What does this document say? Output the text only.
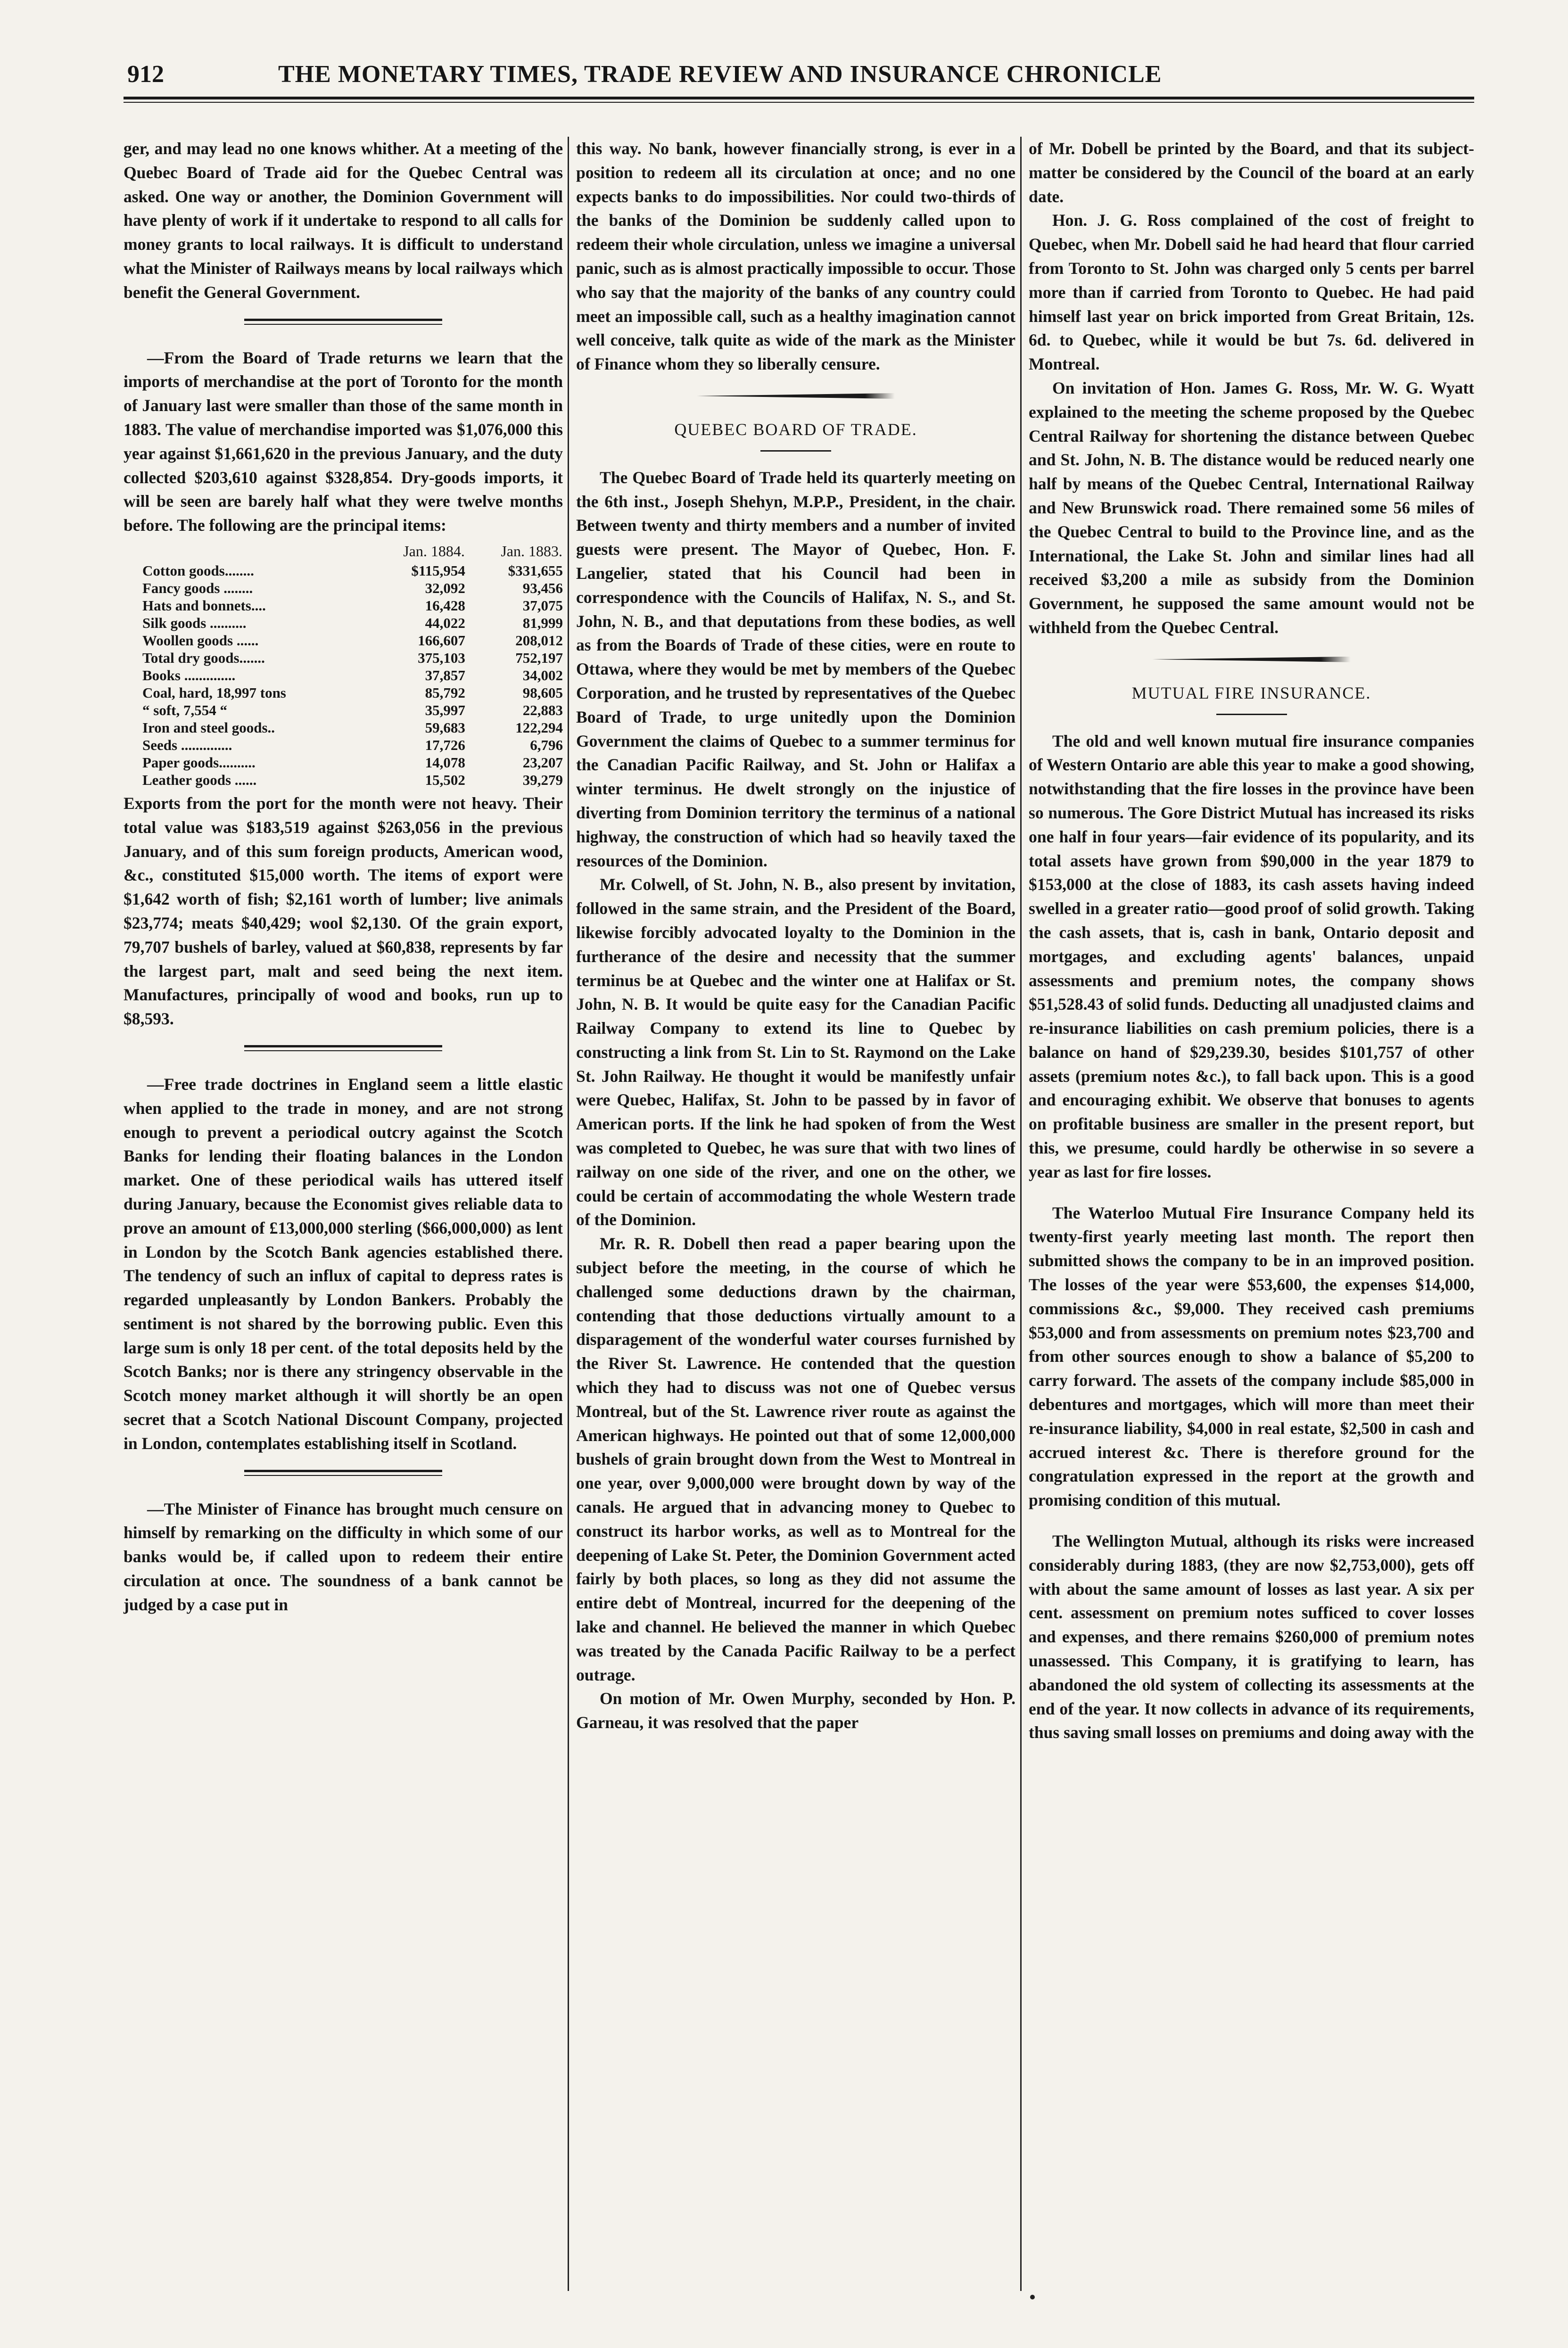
912	THE MONETARY TIMES, TRADE REVIEW AND INSURANCE CHRONICLE

ger, and may lead no one knows whither. At a meeting of the Quebec Board of Trade aid for the Quebec Central was asked. One way or another, the Dominion Government will have plenty of work if it undertake to respond to all calls for money grants to local railways. It is difficult to understand what the Minister of Railways means by local railways which benefit the General Government.

—From the Board of Trade returns we learn that the imports of merchandise at the port of Toronto for the month of January last were smaller than those of the same month in 1883. The value of merchandise imported was $1,076,000 this year against $1,661,620 in the previous January, and the duty collected $203,610 against $328,854. Dry-goods imports, it will be seen are barely half what they were twelve months before. The following are the principal items:

	Jan. 1884.	Jan. 1883.
Cotton goods........	$115,954	$331,655
Fancy goods ........	32,092	93,456
Hats and bonnets....	16,428	37,075
Silk goods ..........	44,022	81,999
Woollen goods ......	166,607	208,012
Total dry goods.......	375,103	752,197
Books ..............	37,857	34,002
Coal, hard, 18,997 tons	85,792	98,605
“ soft, 7,554 “	35,997	22,883
Iron and steel goods..	59,683	122,294
Seeds ..............	17,726	6,796
Paper goods..........	14,078	23,207
Leather goods ......	15,502	39,279

Exports from the port for the month were not heavy. Their total value was $183,519 against $263,056 in the previous January, and of this sum foreign products, American wood, &c., constituted $15,000 worth. The items of export were $1,642 worth of fish; $2,161 worth of lumber; live animals $23,774; meats $40,429; wool $2,130. Of the grain export, 79,707 bushels of barley, valued at $60,838, represents by far the largest part, malt and seed being the next item. Manufactures, principally of wood and books, run up to $8,593.

—Free trade doctrines in England seem a little elastic when applied to the trade in money, and are not strong enough to prevent a periodical outcry against the Scotch Banks for lending their floating balances in the London market. One of these periodical wails has uttered itself during January, because the Economist gives reliable data to prove an amount of £13,000,000 sterling ($66,000,000) as lent in London by the Scotch Bank agencies established there. The tendency of such an influx of capital to depress rates is regarded unpleasantly by London Bankers. Probably the sentiment is not shared by the borrowing public. Even this large sum is only 18 per cent. of the total deposits held by the Scotch Banks; nor is there any stringency observable in the Scotch money market although it will shortly be an open secret that a Scotch National Discount Company, projected in London, contemplates establishing itself in Scotland.

—The Minister of Finance has brought much censure on himself by remarking on the difficulty in which some of our banks would be, if called upon to redeem their entire circulation at once. The soundness of a bank cannot be judged by a case put in

this way. No bank, however financially strong, is ever in a position to redeem all its circulation at once; and no one expects banks to do impossibilities. Nor could two-thirds of the banks of the Dominion be suddenly called upon to redeem their whole circulation, unless we imagine a universal panic, such as is almost practically impossible to occur. Those who say that the majority of the banks of any country could meet an impossible call, such as a healthy imagination cannot well conceive, talk quite as wide of the mark as the Minister of Finance whom they so liberally censure.

QUEBEC BOARD OF TRADE.

The Quebec Board of Trade held its quarterly meeting on the 6th inst., Joseph Shehyn, M.P.P., President, in the chair. Between twenty and thirty members and a number of invited guests were present. The Mayor of Quebec, Hon. F. Langelier, stated that his Council had been in correspondence with the Councils of Halifax, N. S., and St. John, N. B., and that deputations from these bodies, as well as from the Boards of Trade of these cities, were en route to Ottawa, where they would be met by members of the Quebec Corporation, and he trusted by representatives of the Quebec Board of Trade, to urge unitedly upon the Dominion Government the claims of Quebec to a summer terminus for the Canadian Pacific Railway, and St. John or Halifax a winter terminus. He dwelt strongly on the injustice of diverting from Dominion territory the terminus of a national highway, the construction of which had so heavily taxed the resources of the Dominion.

Mr. Colwell, of St. John, N. B., also present by invitation, followed in the same strain, and the President of the Board, likewise forcibly advocated loyalty to the Dominion in the furtherance of the desire and necessity that the summer terminus be at Quebec and the winter one at Halifax or St. John, N. B. It would be quite easy for the Canadian Pacific Railway Company to extend its line to Quebec by constructing a link from St. Lin to St. Raymond on the Lake St. John Railway. He thought it would be manifestly unfair were Quebec, Halifax, St. John to be passed by in favor of American ports. If the link he had spoken of from the West was completed to Quebec, he was sure that with two lines of railway on one side of the river, and one on the other, we could be certain of accommodating the whole Western trade of the Dominion.

Mr. R. R. Dobell then read a paper bearing upon the subject before the meeting, in the course of which he challenged some deductions drawn by the chairman, contending that those deductions virtually amount to a disparagement of the wonderful water courses furnished by the River St. Lawrence. He contended that the question which they had to discuss was not one of Quebec versus Montreal, but of the St. Lawrence river route as against the American highways. He pointed out that of some 12,000,000 bushels of grain brought down from the West to Montreal in one year, over 9,000,000 were brought down by way of the canals. He argued that in advancing money to Quebec to construct its harbor works, as well as to Montreal for the deepening of Lake St. Peter, the Dominion Government acted fairly by both places, so long as they did not assume the entire debt of Montreal, incurred for the deepening of the lake and channel. He believed the manner in which Quebec was treated by the Canada Pacific Railway to be a perfect outrage.

On motion of Mr. Owen Murphy, seconded by Hon. P. Garneau, it was resolved that the paper

of Mr. Dobell be printed by the Board, and that its subject-matter be considered by the Council of the board at an early date.

Hon. J. G. Ross complained of the cost of freight to Quebec, when Mr. Dobell said he had heard that flour carried from Toronto to St. John was charged only 5 cents per barrel more than if carried from Toronto to Quebec. He had paid himself last year on brick imported from Great Britain, 12s. 6d. to Quebec, while it would be but 7s. 6d. delivered in Montreal.

On invitation of Hon. James G. Ross, Mr. W. G. Wyatt explained to the meeting the scheme proposed by the Quebec Central Railway for shortening the distance between Quebec and St. John, N. B. The distance would be reduced nearly one half by means of the Quebec Central, International Railway and New Brunswick road. There remained some 56 miles of the Quebec Central to build to the Province line, and as the International, the Lake St. John and similar lines had all received $3,200 a mile as subsidy from the Dominion Government, he supposed the same amount would not be withheld from the Quebec Central.

MUTUAL FIRE INSURANCE.

The old and well known mutual fire insurance companies of Western Ontario are able this year to make a good showing, notwithstanding that the fire losses in the province have been so numerous. The Gore District Mutual has increased its risks one half in four years—fair evidence of its popularity, and its total assets have grown from $90,000 in the year 1879 to $153,000 at the close of 1883, its cash assets having indeed swelled in a greater ratio—good proof of solid growth. Taking the cash assets, that is, cash in bank, Ontario deposit and mortgages, and excluding agents' balances, unpaid assessments and premium notes, the company shows $51,528.43 of solid funds. Deducting all unadjusted claims and re-insurance liabilities on cash premium policies, there is a balance on hand of $29,239.30, besides $101,757 of other assets (premium notes &c.), to fall back upon. This is a good and encouraging exhibit. We observe that bonuses to agents on profitable business are smaller in the present report, but this, we presume, could hardly be otherwise in so severe a year as last for fire losses.

The Waterloo Mutual Fire Insurance Company held its twenty-first yearly meeting last month. The report then submitted shows the company to be in an improved position. The losses of the year were $53,600, the expenses $14,000, commissions &c., $9,000. They received cash premiums $53,000 and from assessments on premium notes $23,700 and from other sources enough to show a balance of $5,200 to carry forward. The assets of the company include $85,000 in debentures and mortgages, which will more than meet their re-insurance liability, $4,000 in real estate, $2,500 in cash and accrued interest &c. There is therefore ground for the congratulation expressed in the report at the growth and promising condition of this mutual.

The Wellington Mutual, although its risks were increased considerably during 1883, (they are now $2,753,000), gets off with about the same amount of losses as last year. A six per cent. assessment on premium notes sufficed to cover losses and expenses, and there remains $260,000 of premium notes unassessed. This Company, it is gratifying to learn, has abandoned the old system of collecting its assessments at the end of the year. It now collects in advance of its requirements, thus saving small losses on premiums and doing away with the
